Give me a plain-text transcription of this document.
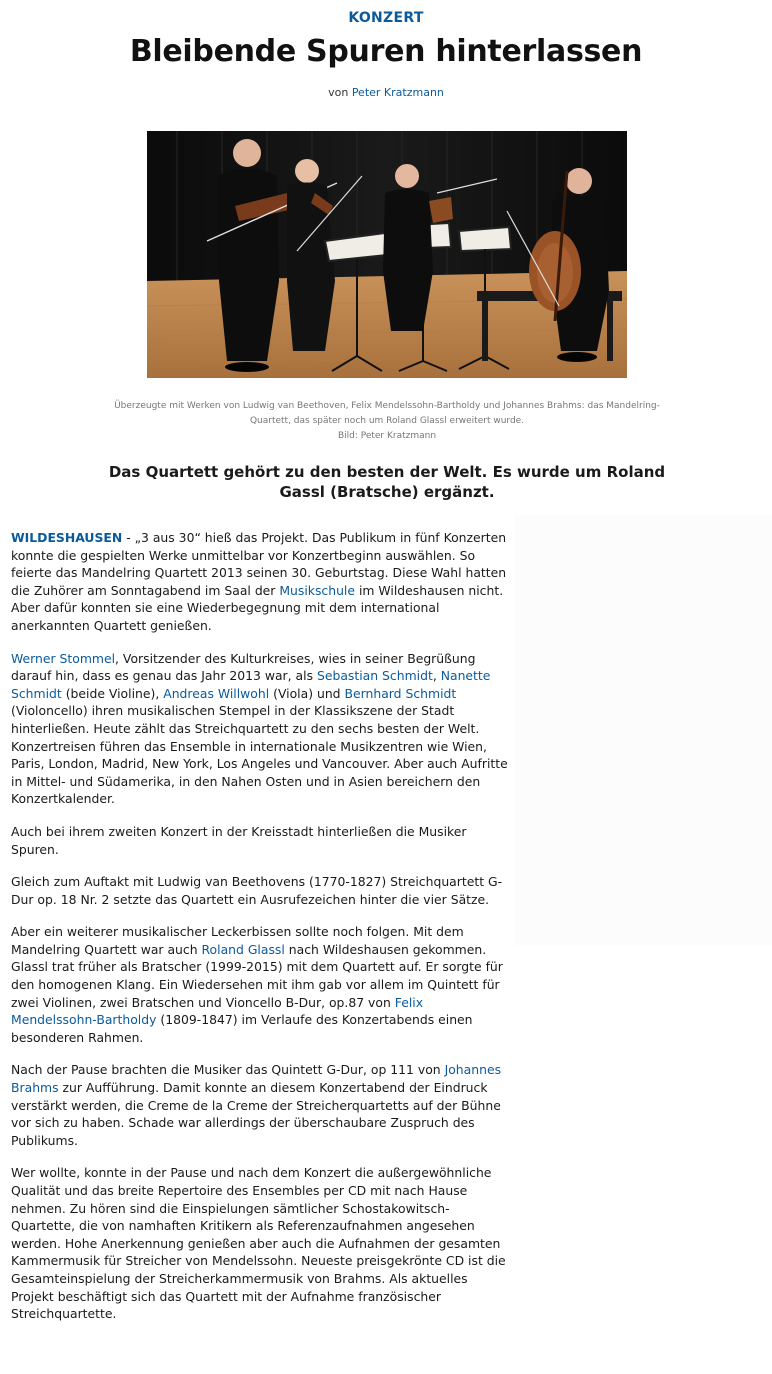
KONZERT
Bleibende Spuren hinterlassen
von Peter Kratzmann
Überzeugte mit Werken von Ludwig van Beethoven, Felix Mendelssohn-Bartholdy und Johannes Brahms: das Mandelring-
Quartett, das später noch um Roland Glassl erweitert wurde.
Bild: Peter Kratzmann
Das Quartett gehört zu den besten der Welt. Es wurde um Roland Gassl (Bratsche) ergänzt.

WILDESHAUSEN - „3 aus 30“ hieß das Projekt. Das Publikum in fünf Konzerten konnte die gespielten Werke unmittelbar vor Konzertbeginn auswählen. So feierte das Mandelring Quartett 2013 seinen 30. Geburtstag. Diese Wahl hatten die Zuhörer am Sonntagabend im Saal der Musikschule im Wildeshausen nicht. Aber dafür konnten sie eine Wiederbegegnung mit dem international anerkannten Quartett genießen.

Werner Stommel, Vorsitzender des Kulturkreises, wies in seiner Begrüßung darauf hin, dass es genau das Jahr 2013 war, als Sebastian Schmidt, Nanette Schmidt (beide Violine), Andreas Willwohl (Viola) und Bernhard Schmidt (Violoncello) ihren musikalischen Stempel in der Klassikszene der Stadt hinterließen. Heute zählt das Streichquartett zu den sechs besten der Welt. Konzertreisen führen das Ensemble in internationale Musikzentren wie Wien, Paris, London, Madrid, New York, Los Angeles und Vancouver. Aber auch Aufritte in Mittel- und Südamerika, in den Nahen Osten und in Asien bereichern den Konzertkalender.

Auch bei ihrem zweiten Konzert in der Kreisstadt hinterließen die Musiker Spuren.

Gleich zum Auftakt mit Ludwig van Beethovens (1770-1827) Streichquartett G-Dur op. 18 Nr. 2 setzte das Quartett ein Ausrufezeichen hinter die vier Sätze.

Aber ein weiterer musikalischer Leckerbissen sollte noch folgen. Mit dem Mandelring Quartett war auch Roland Glassl nach Wildeshausen gekommen. Glassl trat früher als Bratscher (1999-2015) mit dem Quartett auf. Er sorgte für den homogenen Klang. Ein Wiedersehen mit ihm gab vor allem im Quintett für zwei Violinen, zwei Bratschen und Vioncello B-Dur, op.87 von Felix Mendelssohn-Bartholdy (1809-1847) im Verlaufe des Konzertabends einen besonderen Rahmen.

Nach der Pause brachten die Musiker das Quintett G-Dur, op 111 von Johannes Brahms zur Aufführung. Damit konnte an diesem Konzertabend der Eindruck verstärkt werden, die Creme de la Creme der Streicherquartetts auf der Bühne vor sich zu haben. Schade war allerdings der überschaubare Zuspruch des Publikums.

Wer wollte, konnte in der Pause und nach dem Konzert die außergewöhnliche Qualität und das breite Repertoire des Ensembles per CD mit nach Hause nehmen. Zu hören sind die Einspielungen sämtlicher Schostakowitsch-Quartette, die von namhaften Kritikern als Referenzaufnahmen angesehen werden. Hohe Anerkennung genießen aber auch die Aufnahmen der gesamten Kammermusik für Streicher von Mendelssohn. Neueste preisgekrönte CD ist die Gesamteinspielung der Streicherkammermusik von Brahms. Als aktuelles Projekt beschäftigt sich das Quartett mit der Aufnahme französischer Streichquartette.
